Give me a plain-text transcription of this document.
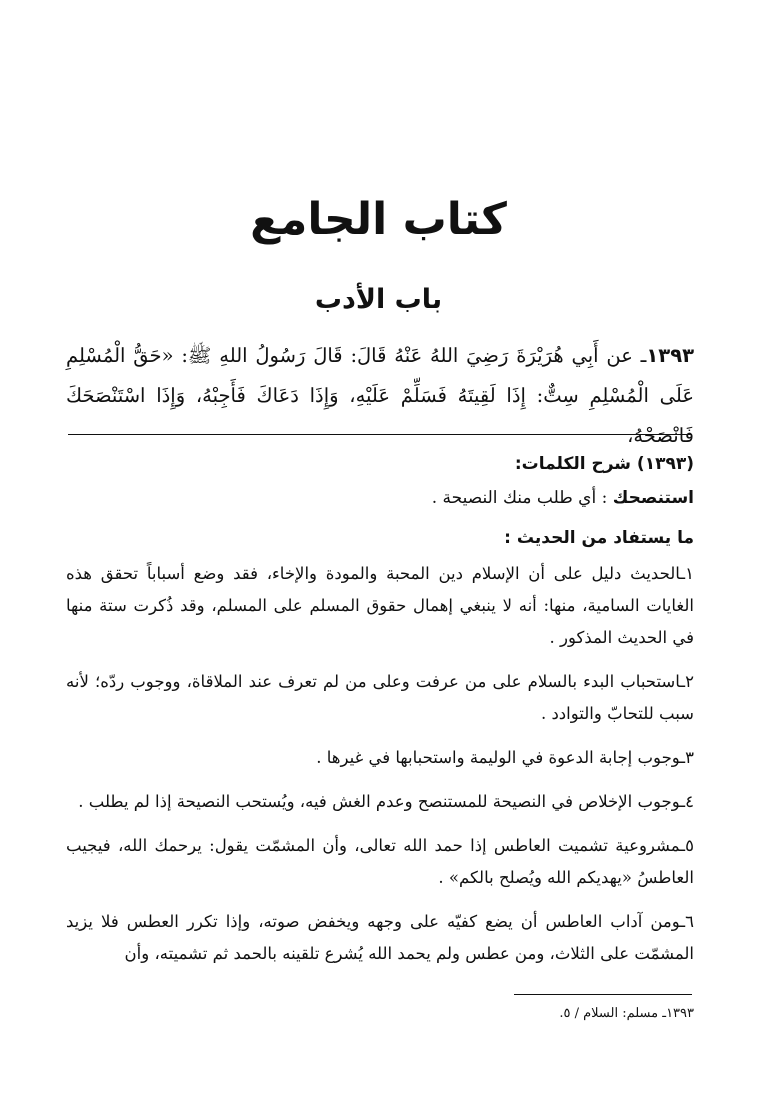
كتاب الجامع
باب الأدب
١٣٩٣ـ عن أَبِي هُرَيْرَةَ رَضِيَ اللهُ عَنْهُ قَالَ: قَالَ رَسُولُ اللهِ ﷺ: «حَقُّ الْمُسْلِمِ عَلَى الْمُسْلِمِ سِتٌّ: إِذَا لَقِيتَهُ فَسَلِّمْ عَلَيْهِ، وَإِذَا دَعَاكَ فَأَجِبْهُ، وَإِذَا اسْتَنْصَحَكَ فَانْصَحْهُ،
(١٣٩٣) شرح الكلمات:
استنصحك : أي طلب منك النصيحة .
ما يستفاد من الحديث :
١ـالحديث دليل على أن الإسلام دين المحبة والمودة والإخاء، فقد وضع أسباباً تحقق هذه الغايات السامية، منها: أنه لا ينبغي إهمال حقوق المسلم على المسلم، وقد ذُكرت ستة منها في الحديث المذكور .
٢ـاستحباب البدء بالسلام على من عرفت وعلى من لم تعرف عند الملاقاة، ووجوب ردّه؛ لأنه سبب للتحابّ والتوادد .
٣ـوجوب إجابة الدعوة في الوليمة واستحبابها في غيرها .
٤ـوجوب الإخلاص في النصيحة للمستنصح وعدم الغش فيه، ويُستحب النصيحة إذا لم يطلب .
٥ـمشروعية تشميت العاطس إذا حمد الله تعالى، وأن المشمّت يقول: يرحمك الله، فيجيب العاطسُ «يهديكم الله ويُصلح بالكم» .
٦ـومن آداب العاطس أن يضع كفيّه على وجهه ويخفض صوته، وإذا تكرر العطس فلا يزيد المشمّت على الثلاث، ومن عطس ولم يحمد الله يُشرع تلقينه بالحمد ثم تشميته، وأن
١٣٩٣ـ مسلم: السلام / ٥.
